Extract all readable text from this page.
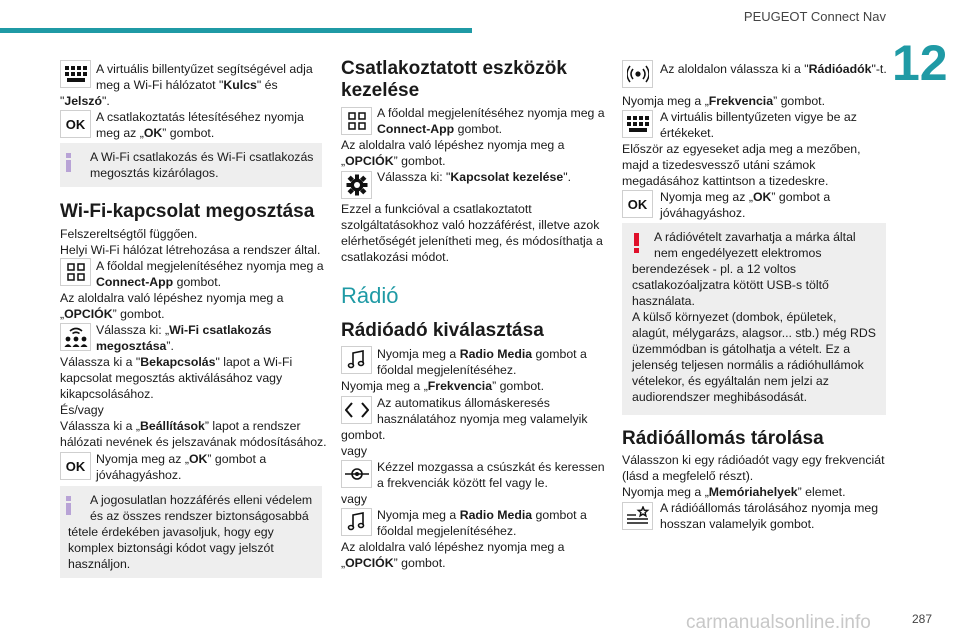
PEUGEOT Connect Nav
12
A virtuális billentyűzet segítségével adja
meg a Wi-Fi hálózatot "Kulcs" és
"Jelszó".
OK A csatlakoztatás létesítéséhez nyomja
meg az „OK” gombot.
A Wi-Fi csatlakozás és Wi-Fi csatlakozás
megosztás kizárólagos.
Wi-Fi-kapcsolat megosztása
Felszereltségtől függően.
Helyi Wi-Fi hálózat létrehozása a rendszer által.
A főoldal megjelenítéséhez nyomja meg a
Connect-App gombot.
Az aloldalra való lépéshez nyomja meg a
„OPCIÓK” gombot.
Válassza ki: „Wi-Fi csatlakozás
megosztása”.
Válassza ki a "Bekapcsolás" lapot a Wi-Fi
kapcsolat megosztás aktiválásához vagy
kikapcsolásához.
És/vagy
Válassza ki a „Beállítások” lapot a rendszer
hálózati nevének és jelszavának módosításához.
OK Nyomja meg az „OK” gombot a
jóváhagyáshoz.
A jogosulatlan hozzáférés elleni védelem
és az összes rendszer biztonságosabbá
tétele érdekében javasoljuk, hogy egy
komplex biztonsági kódot vagy jelszót
használjon.
Csatlakoztatott eszközök
kezelése
A főoldal megjelenítéséhez nyomja meg a
Connect-App gombot.
Az aloldalra való lépéshez nyomja meg a
„OPCIÓK” gombot.
Válassza ki: "Kapcsolat kezelése".
Ezzel a funkcióval a csatlakoztatott
szolgáltatásokhoz való hozzáférést, illetve azok
elérhetőségét jelenítheti meg, és módosíthatja a
csatlakozási módot.
Rádió
Rádióadó kiválasztása
Nyomja meg a Radio Media gombot a
főoldal megjelenítéséhez.
Nyomja meg a „Frekvencia” gombot.
Az automatikus állomáskeresés
használatához nyomja meg valamelyik
gombot.
vagy
Kézzel mozgassa a csúszkát és keressen
a frekvenciák között fel vagy le.
vagy
Nyomja meg a Radio Media gombot a
főoldal megjelenítéséhez.
Az aloldalra való lépéshez nyomja meg a
„OPCIÓK” gombot.
Az aloldalon válassza ki a "Rádióadók"-t.
Nyomja meg a „Frekvencia” gombot.
A virtuális billentyűzeten vigye be az
értékeket.
Először az egyeseket adja meg a mezőben,
majd a tizedesvessző utáni számok
megadásához kattintson a tizedeskre.
OK Nyomja meg az „OK” gombot a
jóváhagyáshoz.
A rádióvételt zavarhatja a márka által
nem engedélyezett elektromos
berendezések - pl. a 12 voltos
csatlakozóaljzatra kötött USB-s töltő
használata.
A külső környezet (dombok, épületek,
alagút, mélygarázs, alagsor... stb.) még RDS
üzemmódban is gátolhatja a vételt. Ez a
jelenség teljesen normális a rádióhullámok
vételekor, és egyáltalán nem jelzi az
audiorendszer meghibásodását.
Rádióállomás tárolása
Válasszon ki egy rádióadót vagy egy frekvenciát
(lásd a megfelelő részt).
Nyomja meg a „Memóriahelyek” elemet.
A rádióállomás tárolásához nyomja meg
hosszan valamelyik gombot.
carmanualsonline.info	287
